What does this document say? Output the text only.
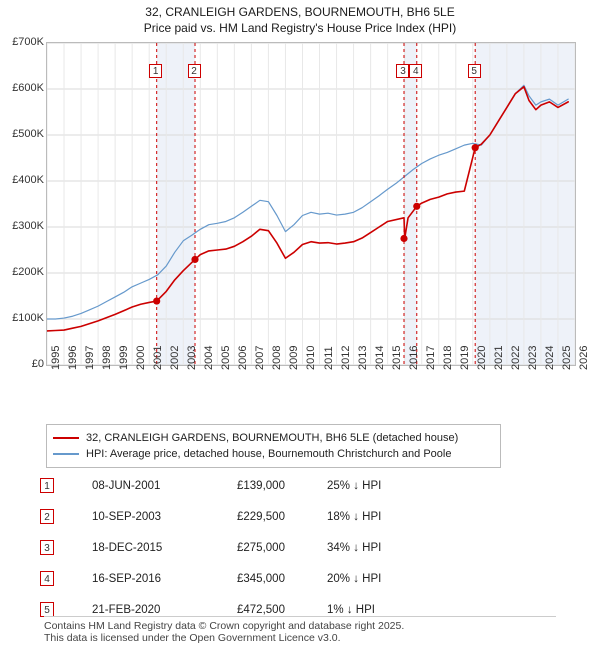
32, CRANLEIGH GARDENS, BOURNEMOUTH, BH6 5LE
Price paid vs. HM Land Registry's House Price Index (HPI)
£0
£100K
£200K
£300K
£400K
£500K
£600K
£700K
1995 1996 1997 1998 1999 2000 2001 2002 2003 2004 2005 2006 2007 2008 2009 2010 2011 2012 2013 2014 2015 2016 2017 2018 2019 2020 2021 2022 2023 2024 2025 2026
1	2	3 4	5
32, CRANLEIGH GARDENS, BOURNEMOUTH, BH6 5LE (detached house)
HPI: Average price, detached house, Bournemouth Christchurch and Poole
1	08-JUN-2001	£139,000	25% ↓ HPI
2	10-SEP-2003	£229,500	18% ↓ HPI
3	18-DEC-2015	£275,000	34% ↓ HPI
4	16-SEP-2016	£345,000	20% ↓ HPI
5	21-FEB-2020	£472,500	1% ↓ HPI
Contains HM Land Registry data © Crown copyright and database right 2025.
This data is licensed under the Open Government Licence v3.0.
